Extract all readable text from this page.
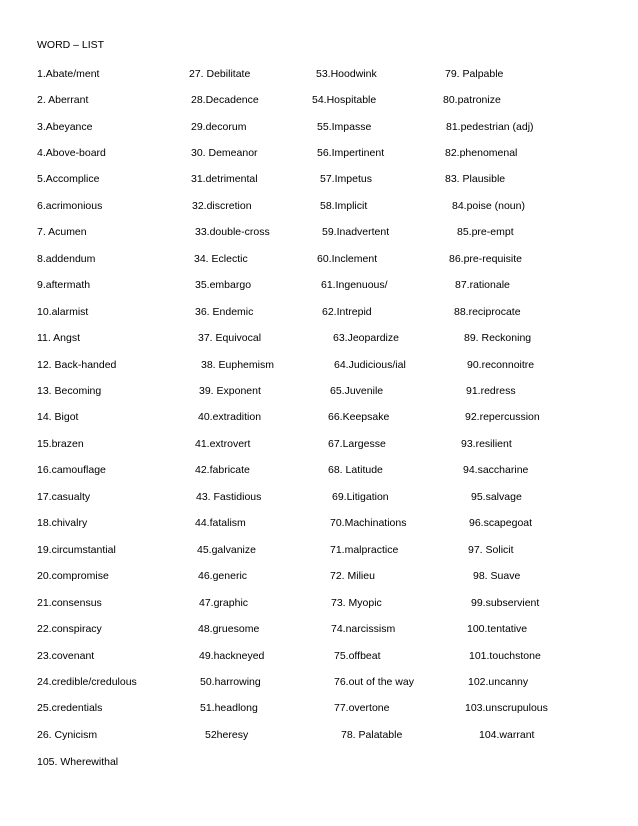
WORD – LIST
1.Abate/ment
2. Aberrant
3.Abeyance
4.Above-board
5.Accomplice
6.acrimonious
7. Acumen
8.addendum
9.aftermath
10.alarmist
11. Angst
12. Back-handed
13. Becoming
14. Bigot
15.brazen
16.camouflage
17.casualty
18.chivalry
19.circumstantial
20.compromise
21.consensus
22.conspiracy
23.covenant
24.credible/credulous
25.credentials
26. Cynicism
27. Debilitate
28.Decadence
29.decorum
30. Demeanor
31.detrimental
32.discretion
33.double-cross
34. Eclectic
35.embargo
36. Endemic
37. Equivocal
38. Euphemism
39. Exponent
40.extradition
41.extrovert
42.fabricate
43. Fastidious
44.fatalism
45.galvanize
46.generic
47.graphic
48.gruesome
49.hackneyed
50.harrowing
51.headlong
52heresy
53.Hoodwink
54.Hospitable
55.Impasse
56.Impertinent
57.Impetus
58.Implicit
59.Inadvertent
60.Inclement
61.Ingenuous/
62.Intrepid
63.Jeopardize
64.Judicious/ial
65.Juvenile
66.Keepsake
67.Largesse
68. Latitude
69.Litigation
70.Machinations
71.malpractice
72. Milieu
73. Myopic
74.narcissism
75.offbeat
76.out of the way
77.overtone
78. Palatable
79. Palpable
80.patronize
81.pedestrian (adj)
82.phenomenal
83. Plausible
84.poise (noun)
85.pre-empt
86.pre-requisite
87.rationale
88.reciprocate
89. Reckoning
90.reconnoitre
91.redress
92.repercussion
93.resilient
94.saccharine
95.salvage
96.scapegoat
97. Solicit
98. Suave
99.subservient
100.tentative
101.touchstone
102.uncanny
103.unscrupulous
104.warrant
105. Wherewithal
